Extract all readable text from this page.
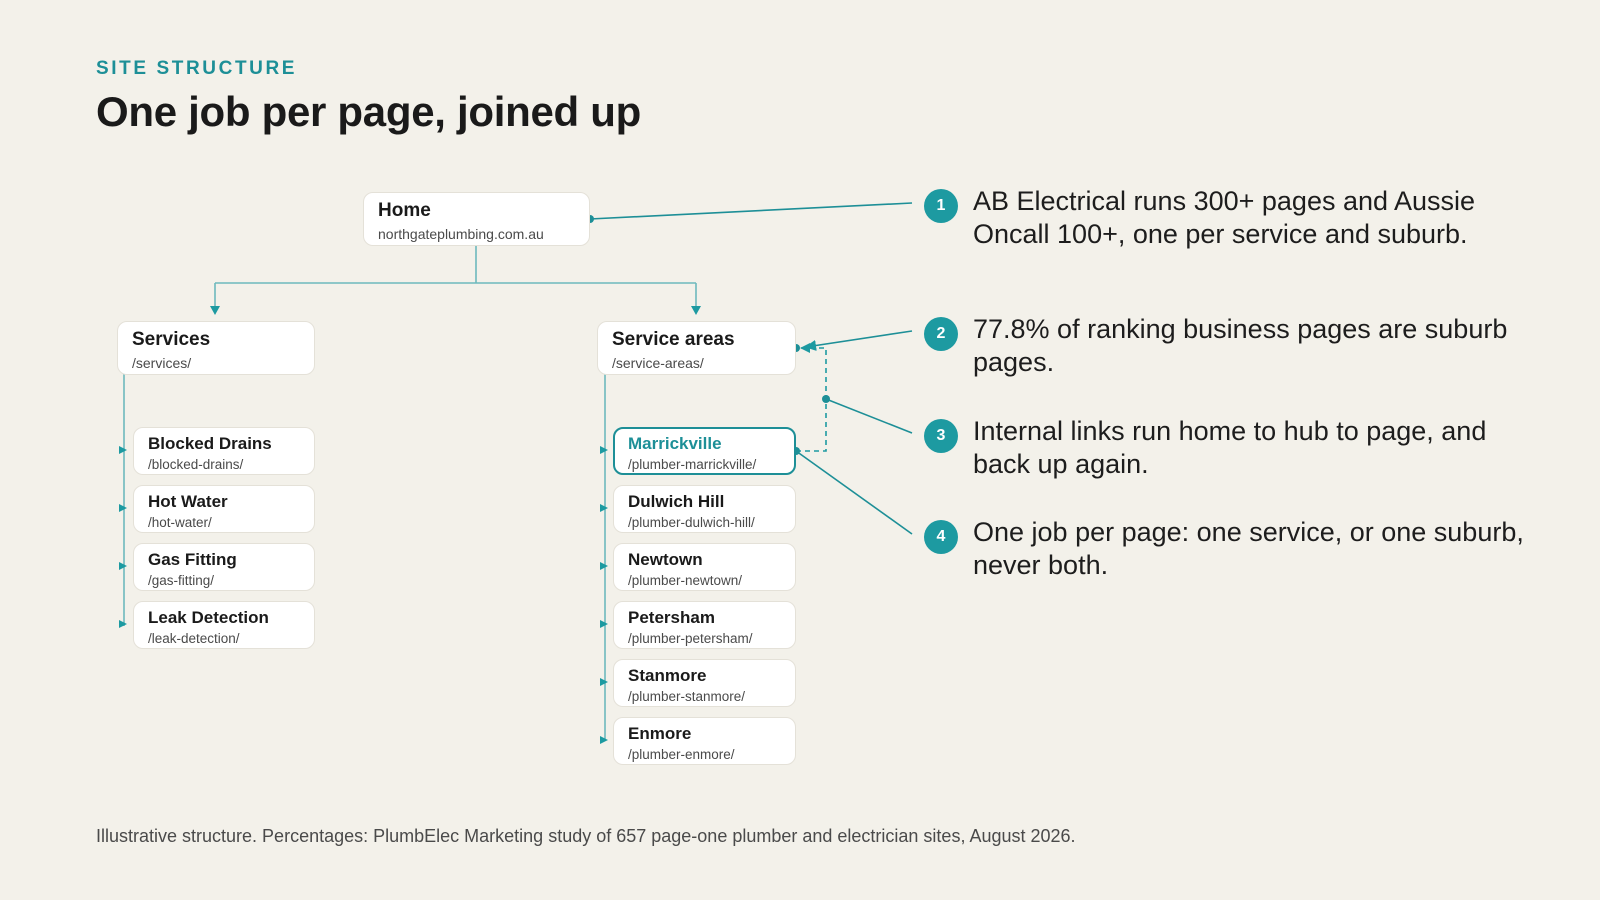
SITE STRUCTURE
One job per page, joined up
Home
northgateplumbing.com.au
Services
/services/
Service areas
/service-areas/
Blocked Drains
/blocked-drains/
Hot Water
/hot-water/
Gas Fitting
/gas-fitting/
Leak Detection
/leak-detection/
Marrickville
/plumber-marrickville/
Dulwich Hill
/plumber-dulwich-hill/
Newtown
/plumber-newtown/
Petersham
/plumber-petersham/
Stanmore
/plumber-stanmore/
Enmore
/plumber-enmore/
1	AB Electrical runs 300+ pages and Aussie Oncall 100+, one per service and suburb.
2	77.8% of ranking business pages are suburb pages.
3	Internal links run home to hub to page, and back up again.
4	One job per page: one service, or one suburb, never both.
Illustrative structure. Percentages: PlumbElec Marketing study of 657 page-one plumber and electrician sites, August 2026.
